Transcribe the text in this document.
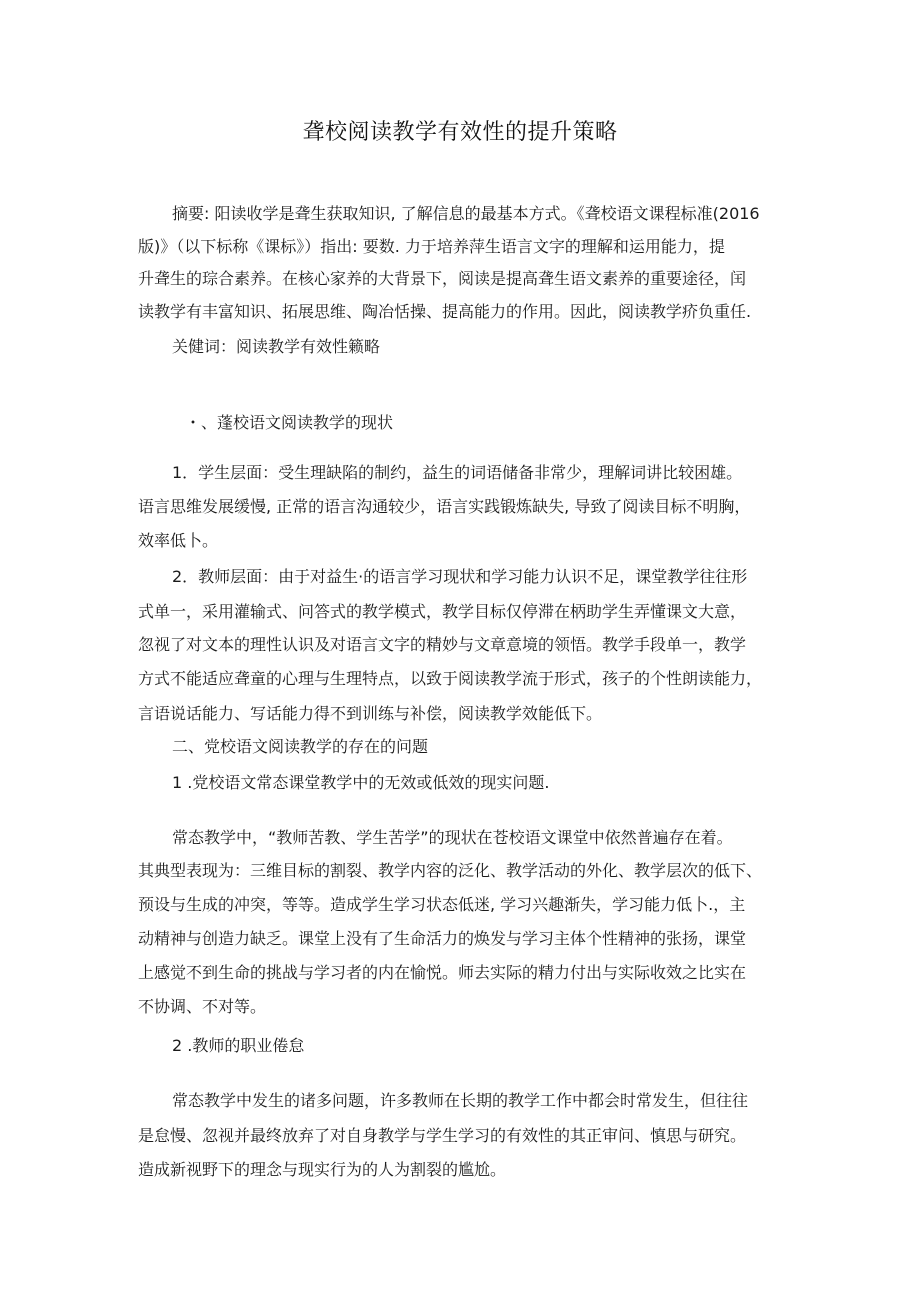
聋校阅读教学有效性的提升策略
摘要: 阳读收学是聋生获取知识, 了解信息的最基本方式。《聋校语文课程标准(2016
版)》（以下标称《课标》）指出: 要数. 力于培养萍生语言文字的理解和运用能力，提
升聋生的琮合素养。在核心家养的大背景下，阅读是提高聋生语文素养的重要途径，闰
读教学有丰富知识、拓展思维、陶冶恬操、提高能力的作用。因此，阅读教学疥负重任.
关健词：阅读教学有效性籁略
・、蓬校语文阅读教学的现状
1．学生层面：受生理缺陷的制约，益生的词语储备非常少，理解词讲比较困雄。
语言思维发展缓慢, 正常的语言沟通较少，语言实践锻炼缺失, 导致了阅读目标不明胸，
效率低卜。
2．教师层面：由于对益生·的语言学习现状和学习能力认识不足，课堂教学往往形
式单一，采用灌输式、问答式的教学模式，教学目标仅停滞在柄助学生弄懂课文大意，
忽视了对文本的理性认识及对语言文字的精妙与文章意境的领悟。教学手段单一，教学
方式不能适应聋童的心理与生理特点，以致于阅读教学流于形式，孩子的个性朗读能力，
言语说话能力、写话能力得不到训练与补偿，阅读教学效能低下。
二、党校语文阅读教学的存在的问题
1 .党校语文常态课堂教学中的无效或低效的现实问题.
常态教学中，“教师苦教、学生苦学”的现状在苍校语文课堂中依然普遍存在着。
其典型表现为：三维目标的割裂、教学内容的泛化、教学活动的外化、教学层次的低下、
预设与生成的冲突，等等。造成学生学习状态低迷, 学习兴趣渐失，学习能力低卜.，主
动精神与创造力缺乏。课堂上没有了生命活力的焕发与学习主体个性精神的张扬，课堂
上感觉不到生命的挑战与学习者的内在愉悦。师去实际的精力付出与实际收效之比实在
不协调、不对等。
2 .教师的职业倦怠
常态教学中发生的诸多问题，许多教师在长期的教学工作中都会时常发生，但往往
是怠慢、忽视并最终放弃了对自身教学与学生学习的有效性的其正审问、慎思与研究。
造成新视野下的理念与现实行为的人为割裂的尴尬。
